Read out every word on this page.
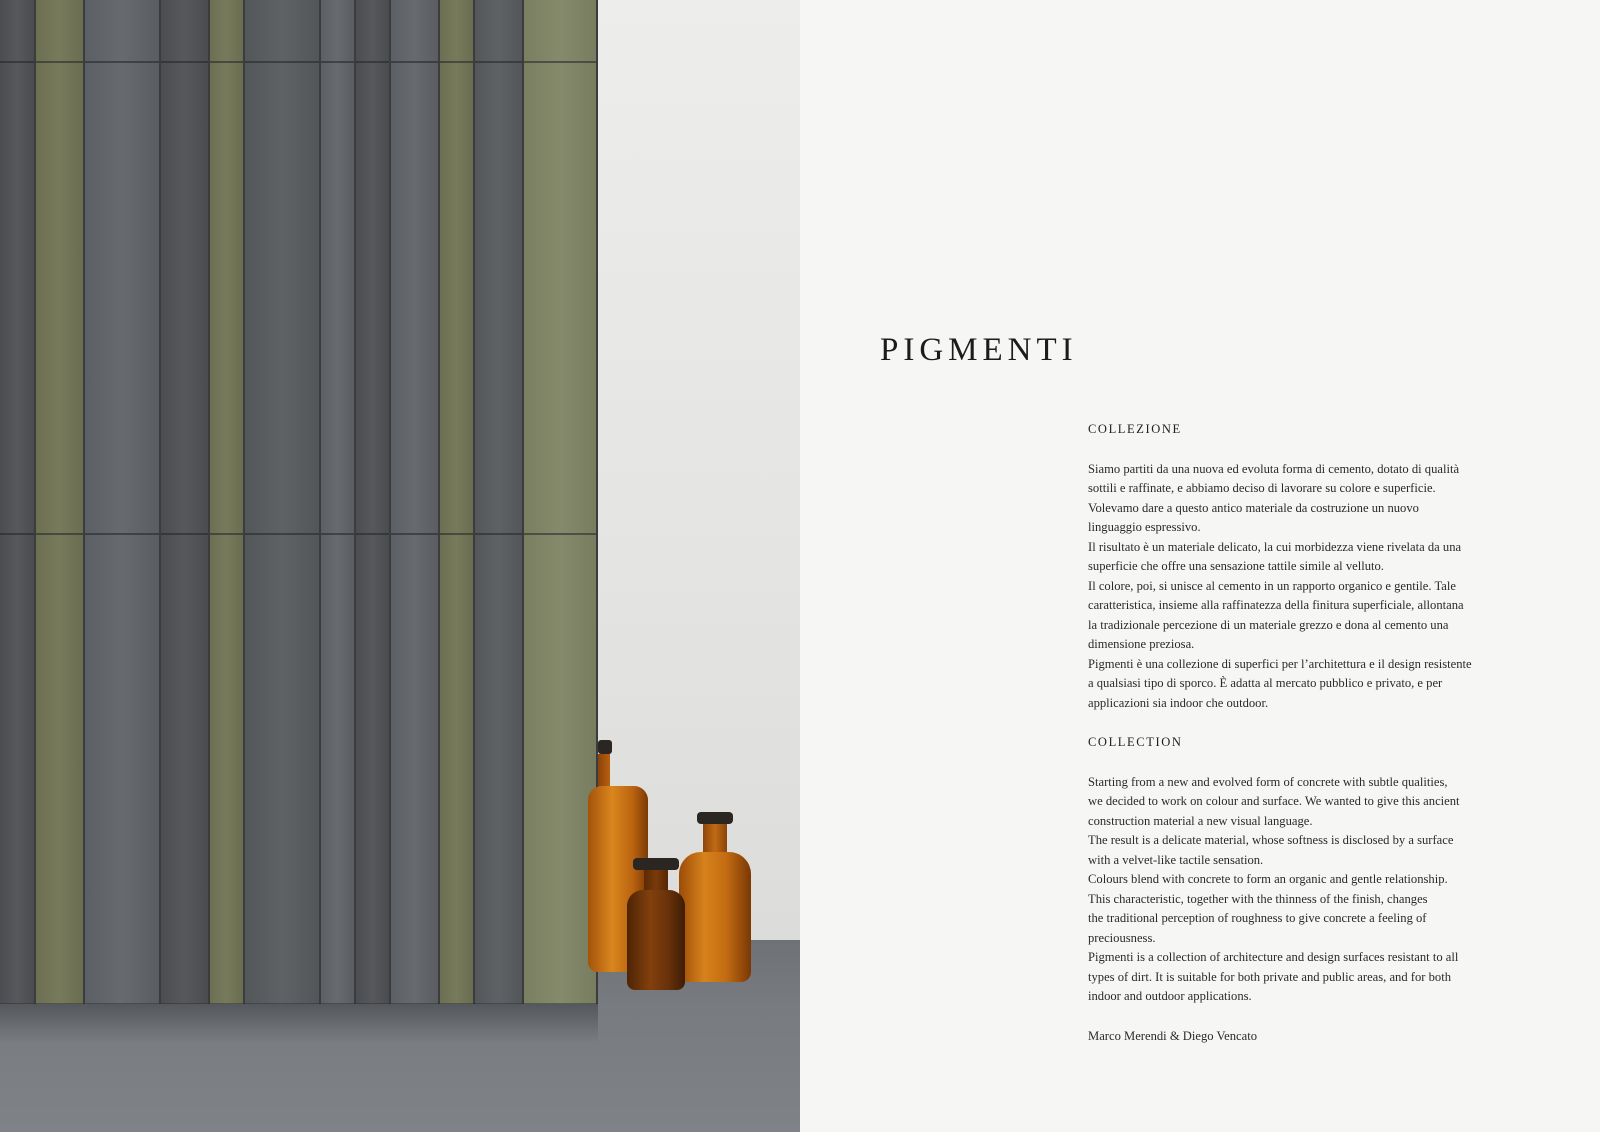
PIGMENTI
COLLEZIONE

Siamo partiti da una nuova ed evoluta forma di cemento, dotato di qualità

sottili e raffinate, e abbiamo deciso di lavorare su colore e superficie.

Volevamo dare a questo antico materiale da costruzione un nuovo

linguaggio espressivo.

Il risultato è un materiale delicato, la cui morbidezza viene rivelata da una

superficie che offre una sensazione tattile simile al velluto.

Il colore, poi, si unisce al cemento in un rapporto organico e gentile. Tale

caratteristica, insieme alla raffinatezza della finitura superficiale, allontana

la tradizionale percezione di un materiale grezzo e dona al cemento una

dimensione preziosa.

Pigmenti è una collezione di superfici per l’architettura e il design resistente

a qualsiasi tipo di sporco. È adatta al mercato pubblico e privato, e per

applicazioni sia indoor che outdoor.

COLLECTION

Starting from a new and evolved form of concrete with subtle qualities,

we decided to work on colour and surface. We wanted to give this ancient

construction material a new visual language.

The result is a delicate material, whose softness is disclosed by a surface

with a velvet-like tactile sensation.

Colours blend with concrete to form an organic and gentle relationship.

This characteristic, together with the thinness of the finish, changes

the traditional perception of roughness to give concrete a feeling of

preciousness.

Pigmenti is a collection of architecture and design surfaces resistant to all

types of dirt. It is suitable for both private and public areas, and for both

indoor and outdoor applications.

Marco Merendi & Diego Vencato
